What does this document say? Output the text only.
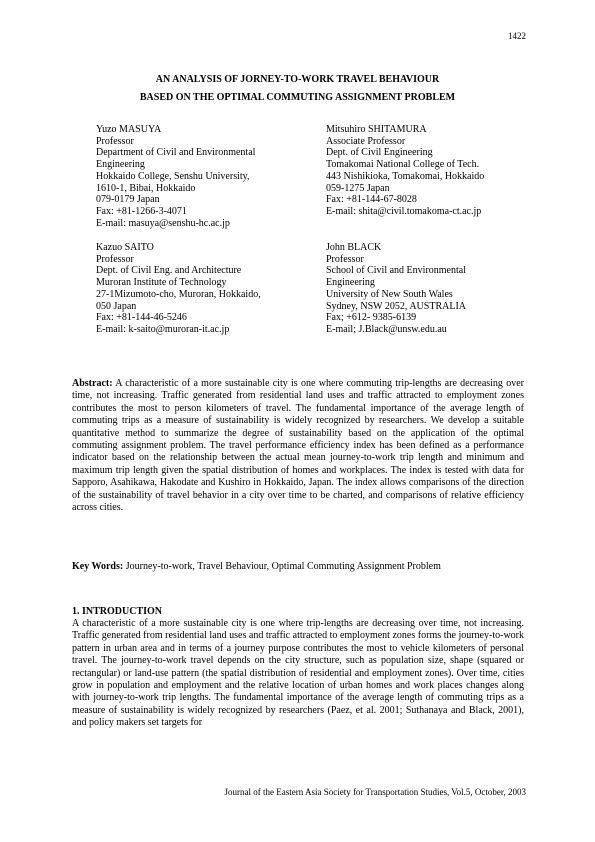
1422
AN ANALYSIS OF JORNEY-TO-WORK TRAVEL BEHAVIOUR
BASED ON THE OPTIMAL COMMUTING ASSIGNMENT PROBLEM
Yuzo MASUYA
Professor
Department of Civil and Environmental
Engineering
Hokkaido College, Senshu University,
1610-1, Bibai, Hokkaido
079-0179 Japan
Fax: +81-1266-3-4071
E-mail: masuya@senshu-hc.ac.jp
Mitsuhiro SHITAMURA
Associate Professor
Dept. of Civil Engineering
Tomakomai National College of Tech.
443 Nishikioka, Tomakomai, Hokkaido
059-1275 Japan
Fax: +81-144-67-8028
E-mail: shita@civil.tomakoma-ct.ac.jp
Kazuo SAITO
Professor
Dept. of Civil Eng. and Architecture
Muroran Institute of Technology
27-1Mizumoto-cho, Muroran, Hokkaido,
050 Japan
Fax: +81-144-46-5246
E-mail: k-saito@muroran-it.ac.jp
John BLACK
Professor
School of Civil and Environmental
Engineering
University of New South Wales
Sydney, NSW 2052, AUSTRALIA
Fax; +612- 9385-6139
E-mail; J.Black@unsw.edu.au
Abstract: A characteristic of a more sustainable city is one where commuting trip-lengths are decreasing over time, not increasing. Traffic generated from residential land uses and traffic attracted to employment zones contributes the most to person kilometers of travel. The fundamental importance of the average length of commuting trips as a measure of sustainability is widely recognized by researchers. We develop a suitable quantitative method to summarize the degree of sustainability based on the application of the optimal commuting assignment problem. The travel performance efficiency index has been defined as a performance indicator based on the relationship between the actual mean journey-to-work trip length and minimum and maximum trip length given the spatial distribution of homes and workplaces. The index is tested with data for Sapporo, Asahikawa, Hakodate and Kushiro in Hokkaido, Japan. The index allows comparisons of the direction of the sustainability of travel behavior in a city over time to be charted, and comparisons of relative efficiency across cities.
Key Words: Journey-to-work, Travel Behaviour, Optimal Commuting Assignment Problem
1. INTRODUCTION
A characteristic of a more sustainable city is one where trip-lengths are decreasing over time, not increasing. Traffic generated from residential land uses and traffic attracted to employment zones forms the journey-to-work pattern in urban area and in terms of a journey purpose contributes the most to vehicle kilometers of personal travel. The journey-to-work travel depends on the city structure, such as population size, shape (squared or rectangular) or land-use pattern (the spatial distribution of residential and employment zones). Over time, cities grow in population and employment and the relative location of urban homes and work places changes along with journey-to-work trip lengths. The fundamental importance of the average length of commuting trips as a measure of sustainability is widely recognized by researchers (Paez, et al. 2001; Suthanaya and Black, 2001), and policy makers set targets for
Journal of the Eastern Asia Society for Transportation Studies, Vol.5, October, 2003
